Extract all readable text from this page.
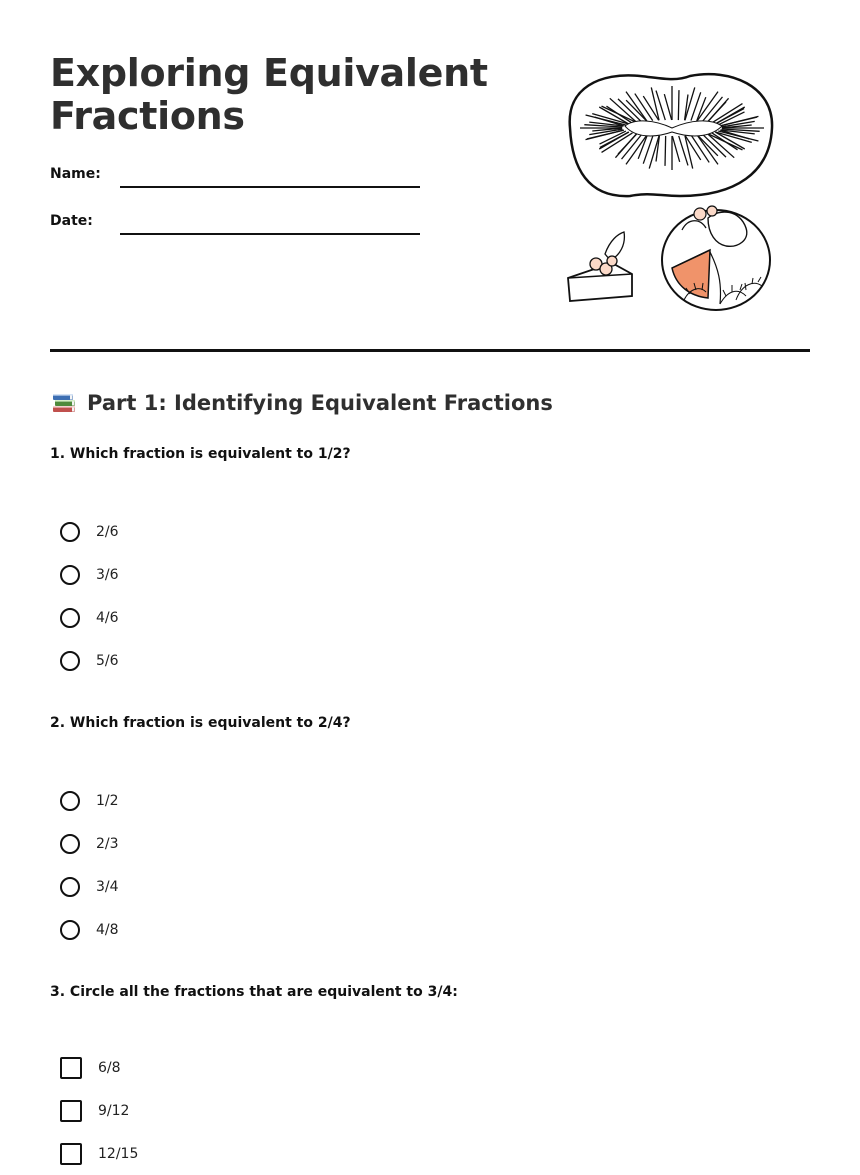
Exploring Equivalent Fractions
Name:
Date:
Part 1: Identifying Equivalent Fractions

1. Which fraction is equivalent to 1/2?

2/6
3/6
4/6
5/6

2. Which fraction is equivalent to 2/4?

1/2
2/3
3/4
4/8

3. Circle all the fractions that are equivalent to 3/4:

6/8
9/12
12/15
